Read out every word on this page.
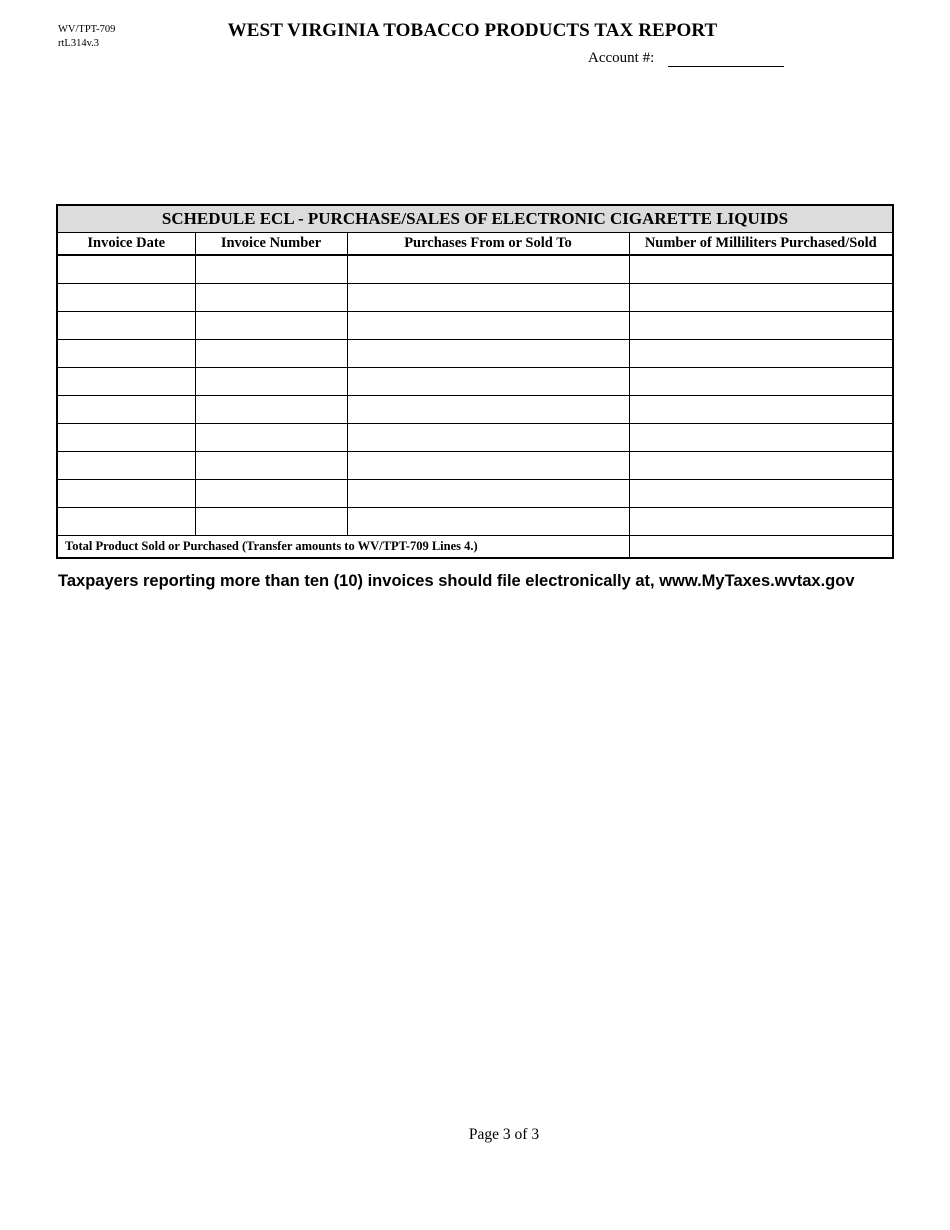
WV/TPT-709
rtL314v.3
WEST VIRGINIA TOBACCO PRODUCTS TAX REPORT
Account #:
SCHEDULE ECL - PURCHASE/SALES OF ELECTRONIC CIGARETTE LIQUIDS
Invoice Date	Invoice Number	Purchases From or Sold To	Number of Milliliters Purchased/Sold

Total Product Sold or Purchased (Transfer amounts to WV/TPT-709 Lines 4.)			
Taxpayers reporting more than ten (10) invoices should file electronically at, www.MyTaxes.wvtax.gov
Page 3 of 3
